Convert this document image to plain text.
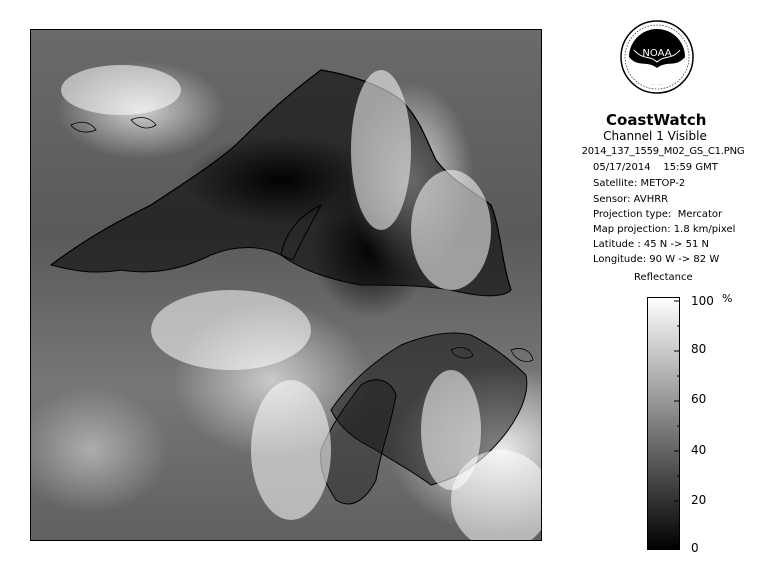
NOAA
CoastWatch
Channel 1 Visible
2014_137_1559_M02_GS_C1.PNG
05/17/2014    15:59 GMT
Satellite: METOP-2
Sensor: AVHRR
Projection type:  Mercator
Map projection: 1.8 km/pixel
Latitude : 45 N -> 51 N
Longitude: 90 W -> 82 W
Reflectance
%
100
80
60
40
20
0
